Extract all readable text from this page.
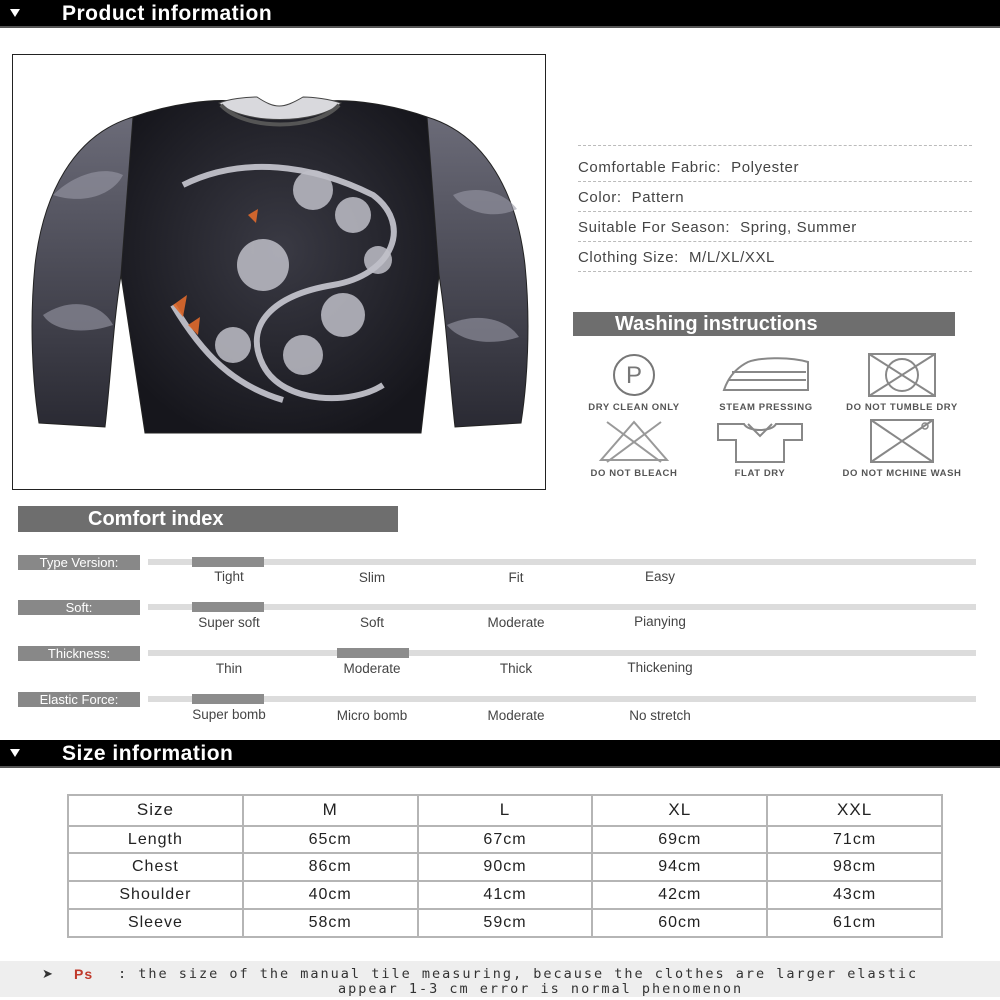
Product information
Comfortable Fabric: Polyester
Color: Pattern
Suitable For Season: Spring, Summer
Clothing Size: M/L/XL/XXL
Washing instructions
P
DRY CLEAN ONLY	STEAM PRESSING	DO NOT TUMBLE DRY
DO NOT BLEACH	FLAT DRY	DO NOT MCHINE WASH
Comfort index
Type Version:
Tight	Slim	Fit	Easy
Soft:
Super soft	Soft	Moderate	Pianying
Thickness:
Thin	Moderate	Thick	Thickening
Elastic Force:
Super bomb	Micro bomb	Moderate	No stretch
Size information
Size	M	L	XL	XXL
Length	65cm	67cm	69cm	71cm
Chest	86cm	90cm	94cm	98cm
Shoulder	40cm	41cm	42cm	43cm
Sleeve	58cm	59cm	60cm	61cm
➤ Ps : the size of the manual tile measuring, because the clothes are larger elastic
appear 1-3 cm error is normal phenomenon
